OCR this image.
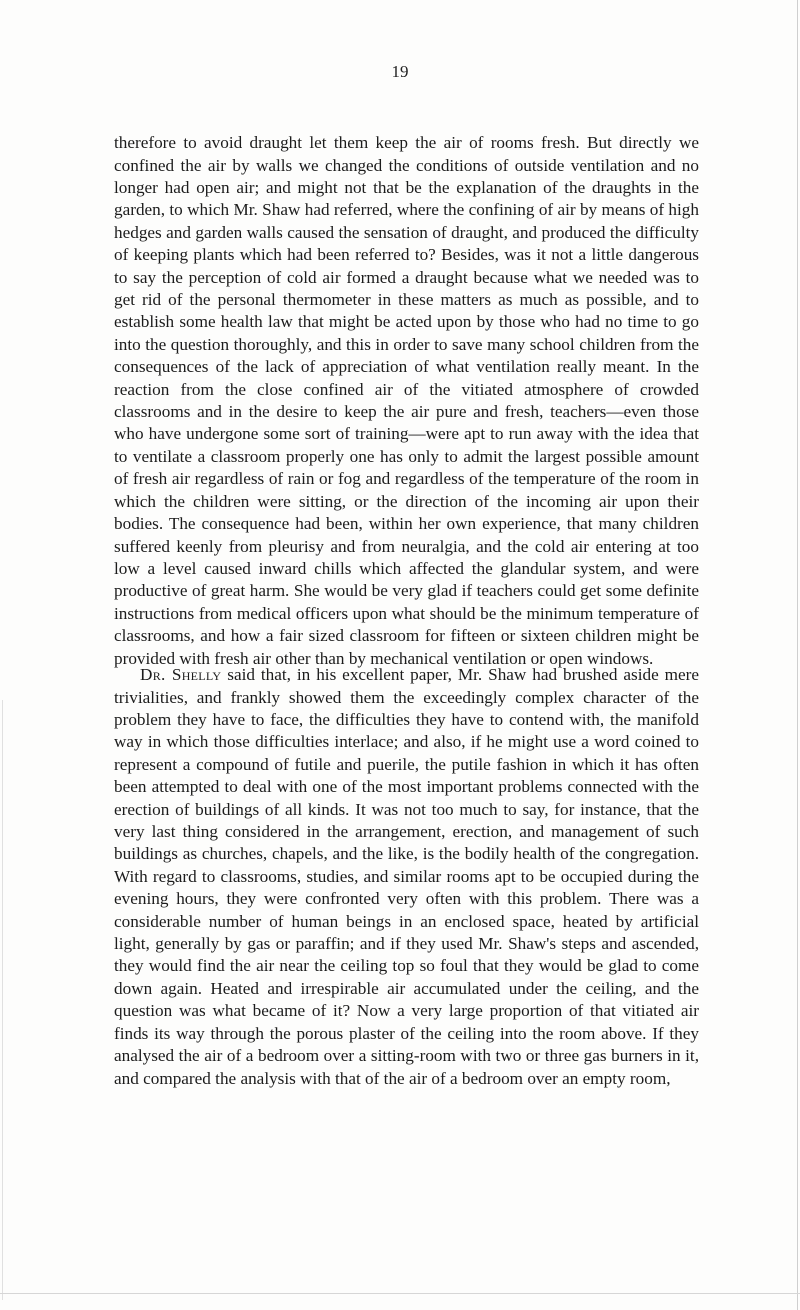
19

therefore to avoid draught let them keep the air of rooms fresh. But directly we confined the air by walls we changed the conditions of outside ventilation and no longer had open air; and might not that be the explanation of the draughts in the garden, to which Mr. Shaw had referred, where the confining of air by means of high hedges and garden walls caused the sensation of draught, and produced the difficulty of keeping plants which had been referred to? Besides, was it not a little dangerous to say the perception of cold air formed a draught because what we needed was to get rid of the personal thermometer in these matters as much as possible, and to establish some health law that might be acted upon by those who had no time to go into the question thoroughly, and this in order to save many school children from the consequences of the lack of appreciation of what ventilation really meant. In the reaction from the close confined air of the vitiated atmosphere of crowded classrooms and in the desire to keep the air pure and fresh, teachers—even those who have undergone some sort of training—were apt to run away with the idea that to ventilate a classroom properly one has only to admit the largest possible amount of fresh air regardless of rain or fog and regardless of the temperature of the room in which the children were sitting, or the direction of the incoming air upon their bodies. The consequence had been, within her own experience, that many children suffered keenly from pleurisy and from neuralgia, and the cold air entering at too low a level caused inward chills which affected the glandular system, and were productive of great harm. She would be very glad if teachers could get some definite instructions from medical officers upon what should be the minimum temperature of classrooms, and how a fair sized classroom for fifteen or sixteen children might be provided with fresh air other than by mechanical ventilation or open windows.

Dr. Shelly said that, in his excellent paper, Mr. Shaw had brushed aside mere trivialities, and frankly showed them the exceedingly complex character of the problem they have to face, the difficulties they have to contend with, the manifold way in which those difficulties interlace; and also, if he might use a word coined to represent a compound of futile and puerile, the putile fashion in which it has often been attempted to deal with one of the most important problems connected with the erection of buildings of all kinds. It was not too much to say, for instance, that the very last thing considered in the arrangement, erection, and management of such buildings as churches, chapels, and the like, is the bodily health of the congregation. With regard to classrooms, studies, and similar rooms apt to be occupied during the evening hours, they were confronted very often with this problem. There was a considerable number of human beings in an enclosed space, heated by artificial light, generally by gas or paraffin; and if they used Mr. Shaw's steps and ascended, they would find the air near the ceiling top so foul that they would be glad to come down again. Heated and irrespirable air accumulated under the ceiling, and the question was what became of it? Now a very large proportion of that vitiated air finds its way through the porous plaster of the ceiling into the room above. If they analysed the air of a bedroom over a sitting-room with two or three gas burners in it, and compared the analysis with that of the air of a bedroom over an empty room,
